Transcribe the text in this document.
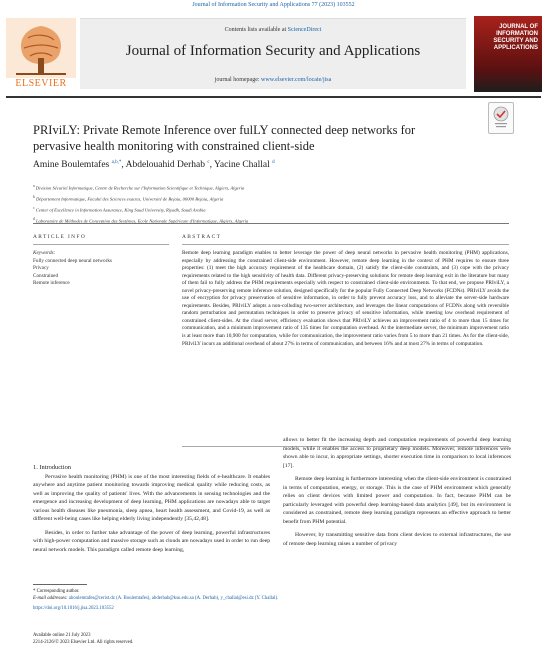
Journal of Information Security and Applications 77 (2023) 103552
ELSEVIER
Contents lists available at ScienceDirect
Journal of Information Security and Applications
journal homepage: www.elsevier.com/locate/jisa
JOURNAL OF INFORMATION SECURITY AND APPLICATIONS
PRIviLY: Private Remote Inference over fulLY connected deep networks for pervasive health monitoring with constrained client-side
Amine Boulemtafes $^{a,b,*}$, Abdelouahid Derhab $^c$, Yacine Challal $^d$
$^a$ Division Sécurité Informatique, Centre de Recherche sur l'Information Scientifique et Technique, Algiers, Algeria
$^b$ Département Informatique, Faculté des Sciences exactes, Université de Bejaia, 06000 Bejaia, Algeria
$^c$ Center of Excellence in Information Assurance, King Saud University, Riyadh, Saudi Arabia
$^d$ Laboratoire de Méthodes de Conception des Systèmes, Ecole Nationale Supérieure d'Informatique, Algiers, Algeria
ARTICLE INFO	ABSTRACT
Keywords:
Fully connected deep neural networks
Privacy
Constrained
Remote inference
Remote deep learning paradigm enables to better leverage the power of deep neural networks in pervasive health monitoring (PHM) applications, especially by addressing the constrained client-side environment. However, remote deep learning in the context of PHM requires to ensure three properties: (1) meet the high accuracy requirement of the healthcare domain, (2) satisfy the client-side constraints, and (3) cope with the privacy requirements related to the high sensitivity of health data. Different privacy-preserving solutions for remote deep learning exit in the literature but many of them fail to fully address the PHM requirements especially with respect to constrained client-side environments. To that end, we propose PRIviLY, a novel privacy-preserving remote inference solution, designed specifically for the popular Fully Connected Deep Networks (FCDNs). PRIviLY avoids the use of encryption for privacy preservation of sensitive information, in order to fully prevent accuracy loss, and to alleviate the server-side hardware requirements. Besides, PRIviLY adopts a non-colluding two-server architecture, and leverages the linear computations of FCDNs along with reversible random perturbation and permutation techniques in order to preserve privacy of sensitive information, while meeting low overhead requirement of constrained client-sides. At the cloud server, efficiency evaluation shows that PRIviLY achieves an improvement ratio of 4 to more than 15 times for communication, and a minimum improvement ratio of 135 times for computation overhead. At the intermediate server, the minimum improvement ratio is at least more than 10,900 for computation, while for communication, the improvement ratio varies from 5 to more than 21 times. As for the client-side, PRIviLY incurs an additional overhead of about 27% in terms of communication, and between 16% and at most 27% in terms of computation.

1. Introduction

Pervasive health monitoring (PHM) is one of the most interesting fields of e-healthcare. It enables anywhere and anytime patient monitoring towards improving medical quality while reducing costs, as well as improving the quality of patients' lives. With the advancements in sensing technologies and the emergence and increasing development of deep learning, PHM applications are nowadays able to target various health diseases like pneumonia, sleep apnea, heart health assessment, and Covid-19, as well as different well-being cases like helping elderly living independently [35,42,48].

Besides, in order to further take advantage of the power of deep learning, powerful infrastructures with high-power computation and massive storage such as clouds are nowadays used in order to run deep neural network models. This paradigm called remote deep learning,

allows to better fit the increasing depth and computation requirements of powerful deep learning models, while it enables the access to proprietary deep models. Moreover, remote inferences were shown able to incur, in appropriate settings, shorter execution time in comparison to local inferences [17].

Remote deep learning is furthermore interesting when the client-side environment is constrained in terms of computation, energy, or storage. This is the case of PHM environment which generally relies on client devices with limited power and computation. In fact, because PHM can be particularly leveraged with powerful deep learning-based data analytics [49], but its environment is considered as constrained, remote deep learning paradigm represents an effective approach to better benefit from PHM potential.

However, by transmitting sensitive data from client devices to external infrastructures, the use of remote deep learning raises a number of privacy

* Corresponding author.
E-mail addresses: aboulemtafes@cerist.dz (A. Boulemtafes), abderhab@ksu.edu.sa (A. Derhab), y_challal@esi.dz (Y. Challal).
https://doi.org/10.1016/j.jisa.2023.103552
Available online 21 July 2023
2214-2126/© 2023 Elsevier Ltd. All rights reserved.
